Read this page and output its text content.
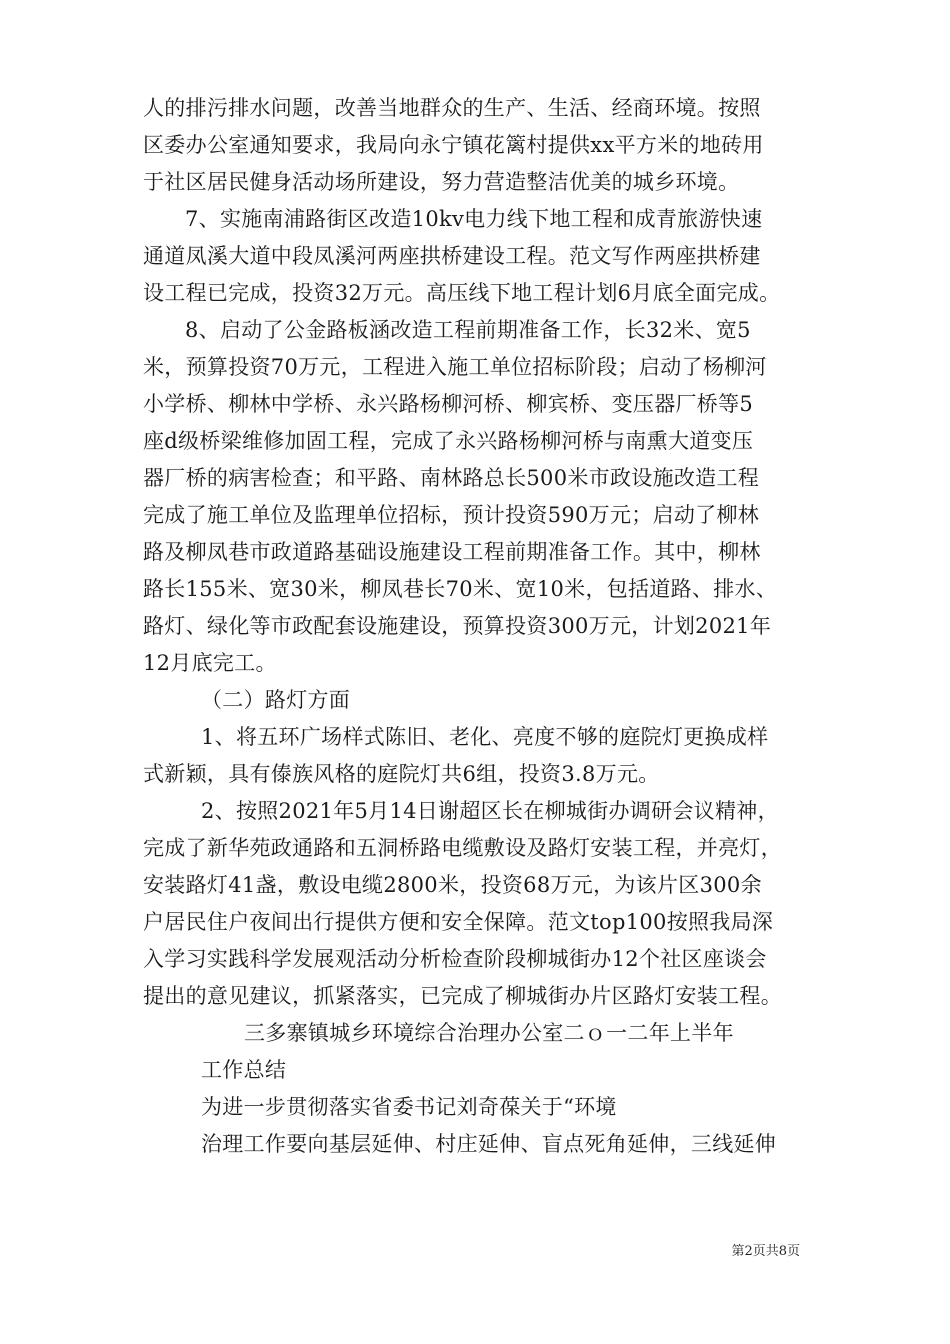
人的排污排水问题，改善当地群众的生产、生活、经商环境。按照
区委办公室通知要求，我局向永宁镇花篱村提供xx平方米的地砖用
于社区居民健身活动场所建设，努力营造整洁优美的城乡环境。
7、实施南浦路街区改造10kv电力线下地工程和成青旅游快速
通道凤溪大道中段凤溪河两座拱桥建设工程。范文写作两座拱桥建
设工程已完成，投资32万元。高压线下地工程计划6月底全面完成。
8、启动了公金路板涵改造工程前期准备工作，长32米、宽5
米，预算投资70万元，工程进入施工单位招标阶段；启动了杨柳河
小学桥、柳林中学桥、永兴路杨柳河桥、柳宾桥、变压器厂桥等5
座d级桥梁维修加固工程，完成了永兴路杨柳河桥与南熏大道变压
器厂桥的病害检查；和平路、南林路总长500米市政设施改造工程
完成了施工单位及监理单位招标，预计投资590万元；启动了柳林
路及柳凤巷市政道路基础设施建设工程前期准备工作。其中，柳林
路长155米、宽30米，柳凤巷长70米、宽10米，包括道路、排水、
路灯、绿化等市政配套设施建设，预算投资300万元，计划2021年
12月底完工。
（二）路灯方面
1、将五环广场样式陈旧、老化、亮度不够的庭院灯更换成样
式新颖，具有傣族风格的庭院灯共6组，投资3.8万元。
2、按照2021年5月14日谢超区长在柳城街办调研会议精神，
完成了新华苑政通路和五洞桥路电缆敷设及路灯安装工程，并亮灯，
安装路灯41盏，敷设电缆2800米，投资68万元，为该片区300余
户居民住户夜间出行提供方便和安全保障。范文top100按照我局深
入学习实践科学发展观活动分析检查阶段柳城街办12个社区座谈会
提出的意见建议，抓紧落实，已完成了柳城街办片区路灯安装工程。
三多寨镇城乡环境综合治理办公室二ｏ一二年上半年
工作总结
为进一步贯彻落实省委书记刘奇葆关于“环境
治理工作要向基层延伸、村庄延伸、盲点死角延伸，三线延伸
第2页共8页
